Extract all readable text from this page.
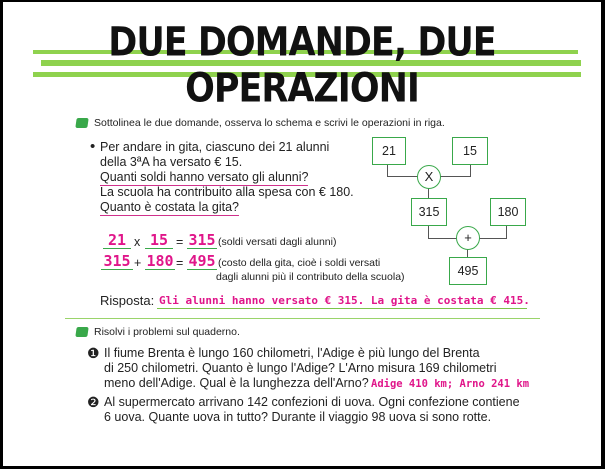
DUE DOMANDE, DUE OPERAZIONI
Sottolinea le due domande, osserva lo schema e scrivi le operazioni in riga.
• Per andare in gita, ciascuno dei 21 alunni
della 3ªA ha versato € 15.
Quanti soldi hanno versato gli alunni?
La scuola ha contribuito alla spesa con € 180.
Quanto è costata la gita?
21 x 15 = 315 (soldi versati dagli alunni)
315 + 180 = 495 (costo della gita, cioè i soldi versati
dagli alunni più il contributo della scuola)
Risposta: Gli alunni hanno versato € 315. La gita è costata € 415.
21	15
X
315	180
+
495
Risolvi i problemi sul quaderno.
❶ Il fiume Brenta è lungo 160 chilometri, l'Adige è più lungo del Brenta
di 250 chilometri. Quanto è lungo l'Adige? L'Arno misura 169 chilometri
meno dell'Adige. Qual è la lunghezza dell'Arno? Adige 410 km; Arno 241 km
❷ Al supermercato arrivano 142 confezioni di uova. Ogni confezione contiene
6 uova. Quante uova in tutto? Durante il viaggio 98 uova si sono rotte.
